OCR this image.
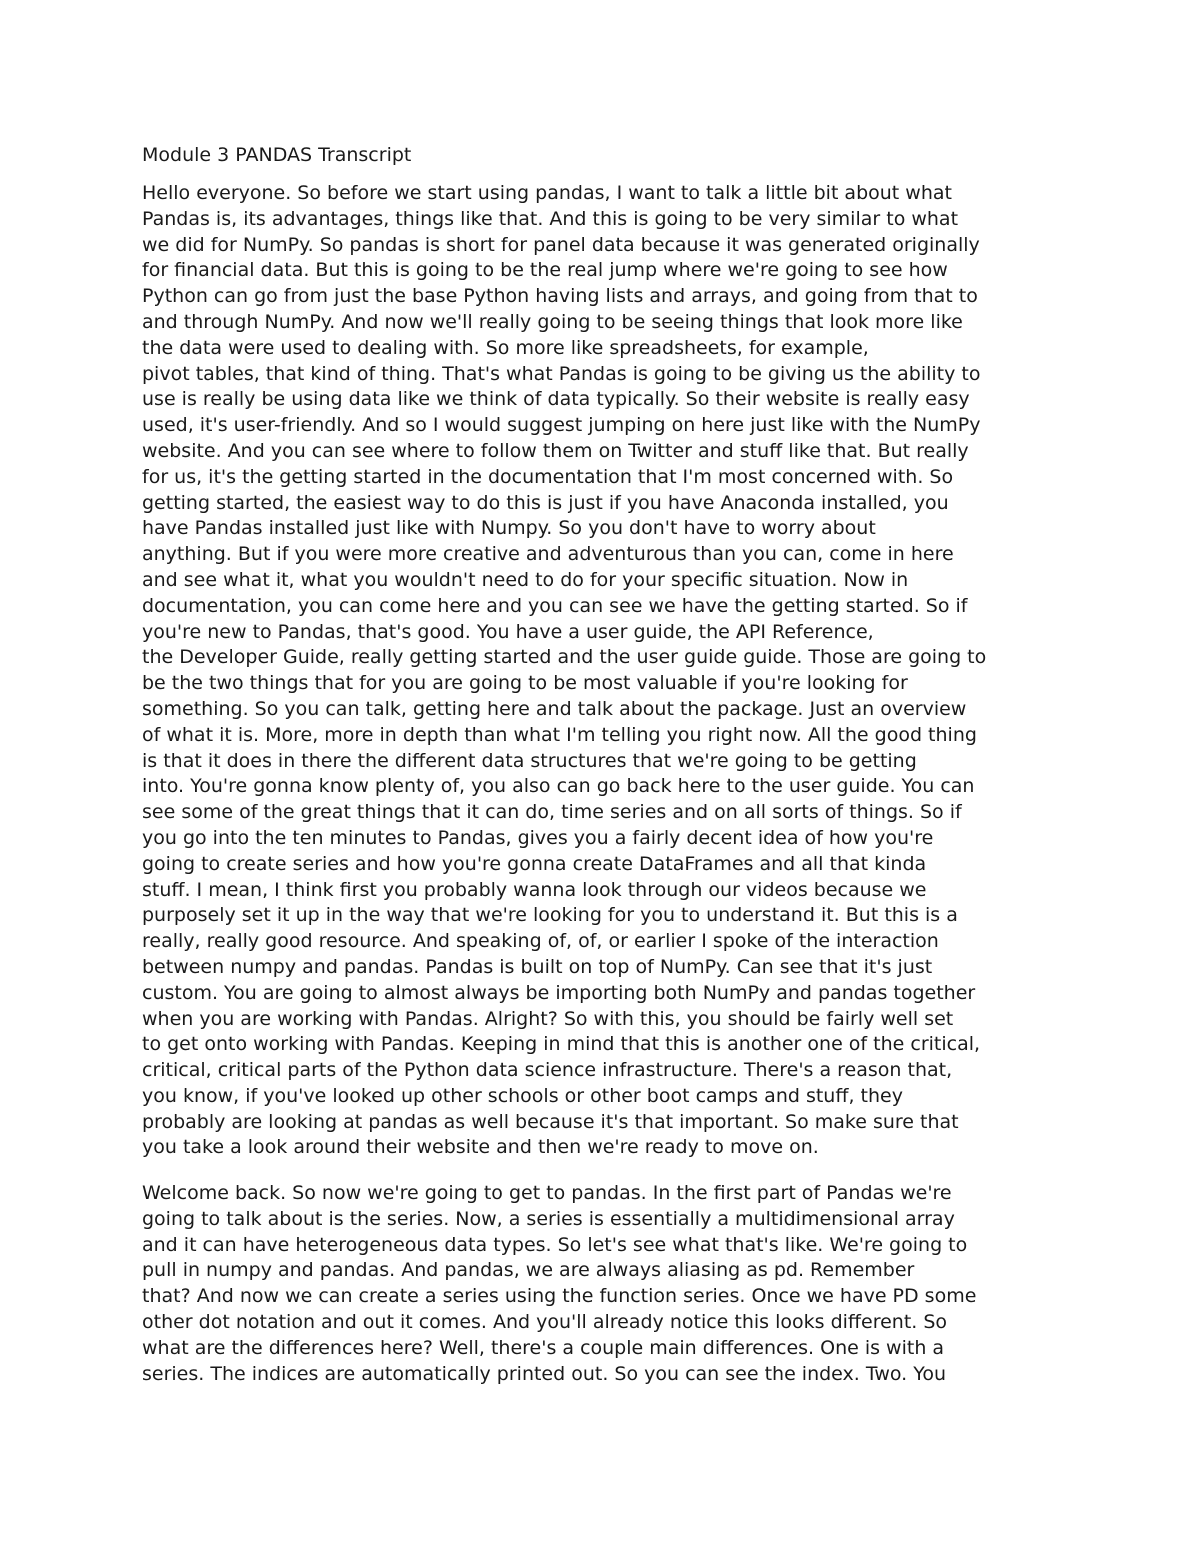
Module 3 PANDAS Transcript
Hello everyone. So before we start using pandas, I want to talk a little bit about what
Pandas is, its advantages, things like that. And this is going to be very similar to what
we did for NumPy. So pandas is short for panel data because it was generated originally
for financial data. But this is going to be the real jump where we're going to see how
Python can go from just the base Python having lists and arrays, and going from that to
and through NumPy. And now we'll really going to be seeing things that look more like
the data were used to dealing with. So more like spreadsheets, for example,
pivot tables, that kind of thing. That's what Pandas is going to be giving us the ability to
use is really be using data like we think of data typically. So their website is really easy
used, it's user-friendly. And so I would suggest jumping on here just like with the NumPy
website. And you can see where to follow them on Twitter and stuff like that. But really
for us, it's the getting started in the documentation that I'm most concerned with. So
getting started, the easiest way to do this is just if you have Anaconda installed, you
have Pandas installed just like with Numpy. So you don't have to worry about
anything. But if you were more creative and adventurous than you can, come in here
and see what it, what you wouldn't need to do for your specific situation. Now in
documentation, you can come here and you can see we have the getting started. So if
you're new to Pandas, that's good. You have a user guide, the API Reference,
the Developer Guide, really getting started and the user guide guide. Those are going to
be the two things that for you are going to be most valuable if you're looking for
something. So you can talk, getting here and talk about the package. Just an overview
of what it is. More, more in depth than what I'm telling you right now. All the good thing
is that it does in there the different data structures that we're going to be getting
into. You're gonna know plenty of, you also can go back here to the user guide. You can
see some of the great things that it can do, time series and on all sorts of things. So if
you go into the ten minutes to Pandas, gives you a fairly decent idea of how you're
going to create series and how you're gonna create DataFrames and all that kinda
stuff. I mean, I think first you probably wanna look through our videos because we
purposely set it up in the way that we're looking for you to understand it. But this is a
really, really good resource. And speaking of, of, or earlier I spoke of the interaction
between numpy and pandas. Pandas is built on top of NumPy. Can see that it's just
custom. You are going to almost always be importing both NumPy and pandas together
when you are working with Pandas. Alright? So with this, you should be fairly well set
to get onto working with Pandas. Keeping in mind that this is another one of the critical,
critical, critical parts of the Python data science infrastructure. There's a reason that,
you know, if you've looked up other schools or other boot camps and stuff, they
probably are looking at pandas as well because it's that important. So make sure that
you take a look around their website and then we're ready to move on.
Welcome back. So now we're going to get to pandas. In the first part of Pandas we're
going to talk about is the series. Now, a series is essentially a multidimensional array
and it can have heterogeneous data types. So let's see what that's like. We're going to
pull in numpy and pandas. And pandas, we are always aliasing as pd. Remember
that? And now we can create a series using the function series. Once we have PD some
other dot notation and out it comes. And you'll already notice this looks different. So
what are the differences here? Well, there's a couple main differences. One is with a
series. The indices are automatically printed out. So you can see the index. Two. You
